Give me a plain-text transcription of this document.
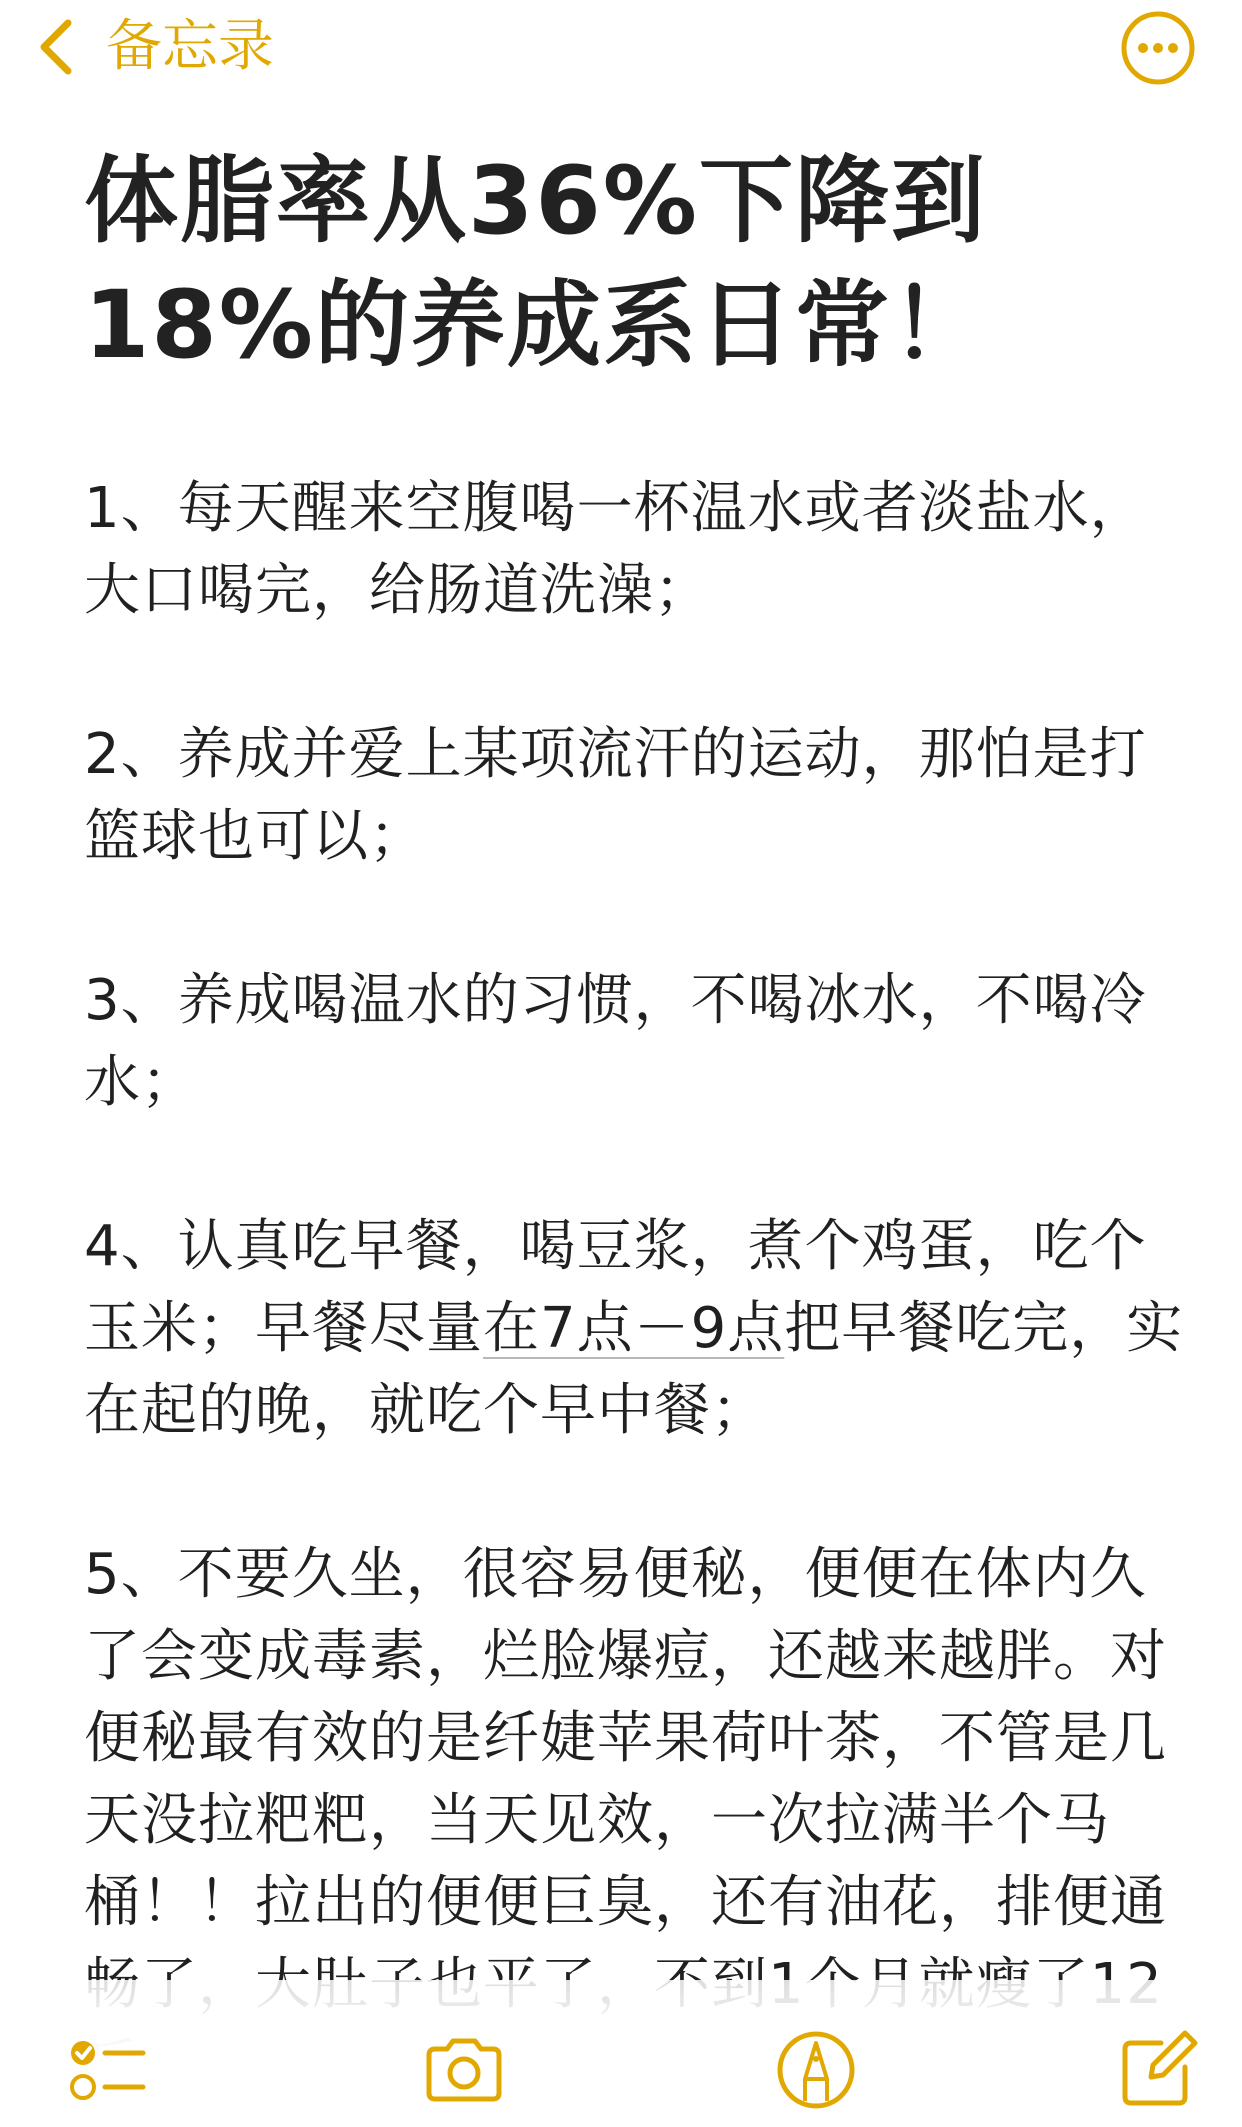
备忘录
体脂率从36%下降到18%的养成系日常！

1、每天醒来空腹喝一杯温水或者淡盐水，大口喝完，给肠道洗澡；

2、养成并爱上某项流汗的运动，那怕是打篮球也可以；

3、养成喝温水的习惯，不喝冰水，不喝冷水；

4、认真吃早餐，喝豆浆，煮个鸡蛋，吃个玉米；早餐尽量在7点－9点把早餐吃完，实在起的晚，就吃个早中餐；

5、不要久坐，很容易便秘，便便在体内久了会变成毒素，烂脸爆痘，还越来越胖。对便秘最有效的是纤婕苹果荷叶茶，不管是几天没拉粑粑，当天见效，一次拉满半个马桶！！拉出的便便巨臭，还有油花，排便通
